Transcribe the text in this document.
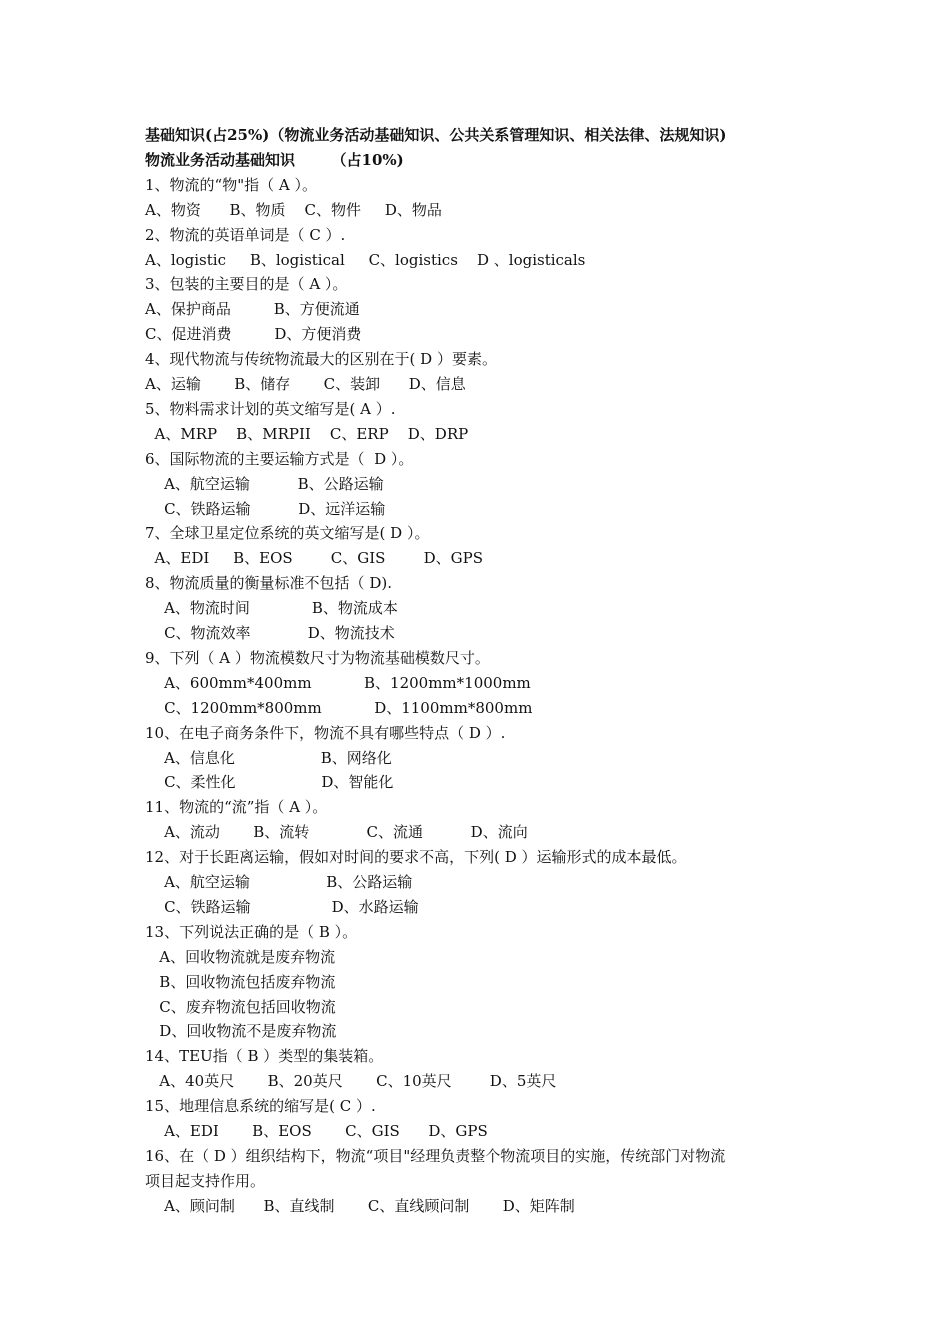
基础知识(占25%)（物流业务活动基础知识、公共关系管理知识、相关法律、法规知识)
物流业务活动基础知识       （占10%)
1、物流的“物"指（ A ）。
A、物资      B、物质    C、物件     D、物品
2、物流的英语单词是（ C ）.
A、logistic     B、logistical     C、logistics    D 、logisticals
3、包装的主要目的是（ A ）。
A、保护商品         B、方便流通
C、促进消费         D、方便消费
4、现代物流与传统物流最大的区别在于( D ）要素。
A、运输       B、储存       C、装卸      D、信息
5、物料需求计划的英文缩写是( A ）.
A、MRP    B、MRPII    C、ERP    D、DRP
6、国际物流的主要运输方式是（  D ）。
A、航空运输          B、公路运输
C、铁路运输          D、远洋运输
7、全球卫星定位系统的英文缩写是( D ）。
A、EDI     B、EOS        C、GIS        D、GPS
8、物流质量的衡量标准不包括（ D).
A、物流时间             B、物流成本
C、物流效率            D、物流技术
9、下列（ A ）物流模数尺寸为物流基础模数尺寸。
A、600mm*400mm           B、1200mm*1000mm
C、1200mm*800mm           D、1100mm*800mm
10、在电子商务条件下，物流不具有哪些特点（ D ）.
A、信息化                  B、网络化
C、柔性化                  D、智能化
11、物流的“流”指（ A ）。
A、流动       B、流转            C、流通          D、流向
12、对于长距离运输，假如对时间的要求不高，下列( D ）运输形式的成本最低。
A、航空运输                B、公路运输
C、铁路运输                 D、水路运输
13、下列说法正确的是（ B ）。
A、回收物流就是废弃物流
B、回收物流包括废弃物流
C、废弃物流包括回收物流
D、回收物流不是废弃物流
14、TEU指（ B ）类型的集装箱。
A、40英尺       B、20英尺       C、10英尺        D、5英尺
15、地理信息系统的缩写是( C ）.
A、EDI       B、EOS       C、GIS      D、GPS
16、在（ D ）组织结构下，物流“项目"经理负责整个物流项目的实施，传统部门对物流
项目起支持作用。
A、顾问制      B、直线制       C、直线顾问制       D、矩阵制
